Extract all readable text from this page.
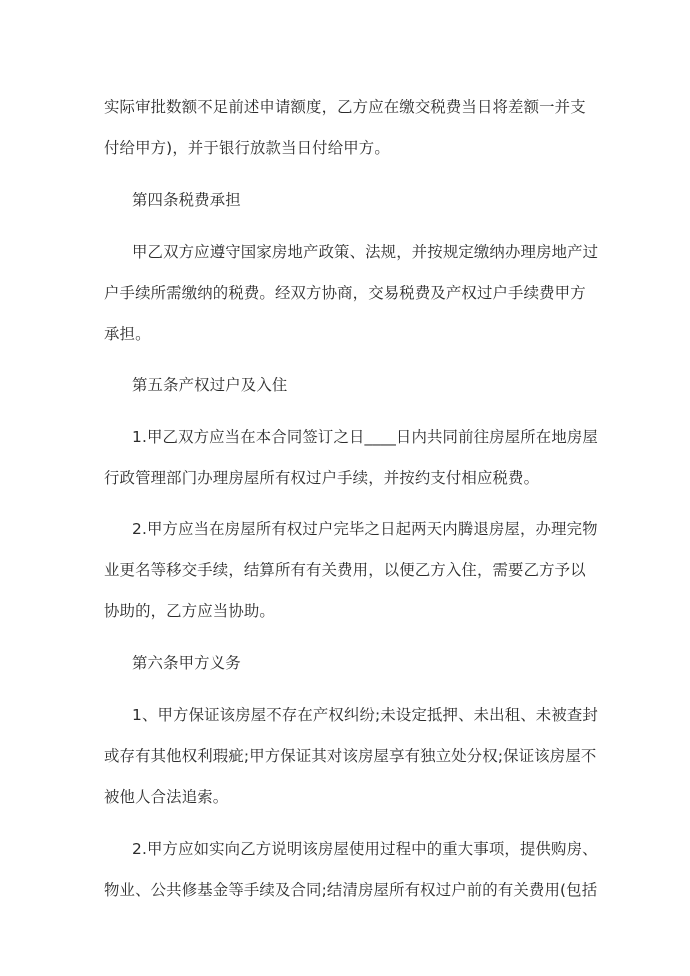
实际审批数额不足前述申请额度，乙方应在缴交税费当日将差额一并支

付给甲方)，并于银行放款当日付给甲方。

第四条税费承担

甲乙双方应遵守国家房地产政策、法规，并按规定缴纳办理房地产过

户手续所需缴纳的税费。经双方协商，交易税费及产权过户手续费甲方

承担。

第五条产权过户及入住

1.甲乙双方应当在本合同签订之日____日内共同前往房屋所在地房屋

行政管理部门办理房屋所有权过户手续，并按约支付相应税费。

2.甲方应当在房屋所有权过户完毕之日起两天内腾退房屋，办理完物

业更名等移交手续，结算所有有关费用，以便乙方入住，需要乙方予以

协助的，乙方应当协助。

第六条甲方义务

1、甲方保证该房屋不存在产权纠纷;未设定抵押、未出租、未被查封

或存有其他权利瑕疵;甲方保证其对该房屋享有独立处分权;保证该房屋不

被他人合法追索。

2.甲方应如实向乙方说明该房屋使用过程中的重大事项，提供购房、

物业、公共修基金等手续及合同;结清房屋所有权过户前的有关费用(包括
